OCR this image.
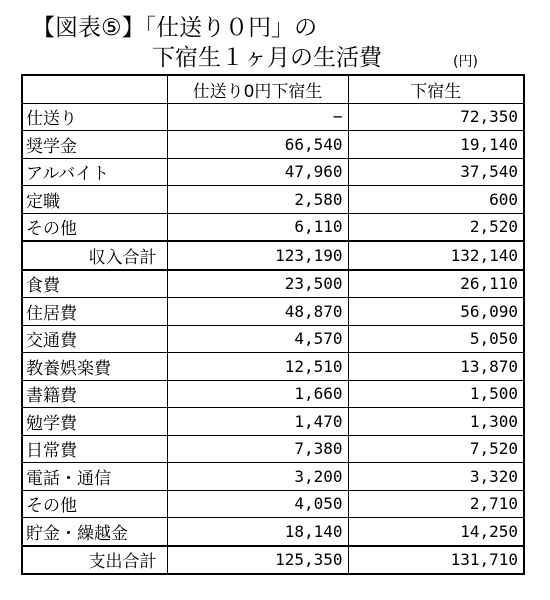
【図表⑤】「仕送り０円」の
下宿生１ヶ月の生活費	(円)
	仕送り0円下宿生	下宿生
仕送り	−	72,350
奨学金	66,540	19,140
アルバイト	47,960	37,540
定職	2,580	600
その他	6,110	2,520
収入合計	123,190	132,140
食費	23,500	26,110
住居費	48,870	56,090
交通費	4,570	5,050
教養娯楽費	12,510	13,870
書籍費	1,660	1,500
勉学費	1,470	1,300
日常費	7,380	7,520
電話・通信	3,200	3,320
その他	4,050	2,710
貯金・繰越金	18,140	14,250
支出合計	125,350	131,710
